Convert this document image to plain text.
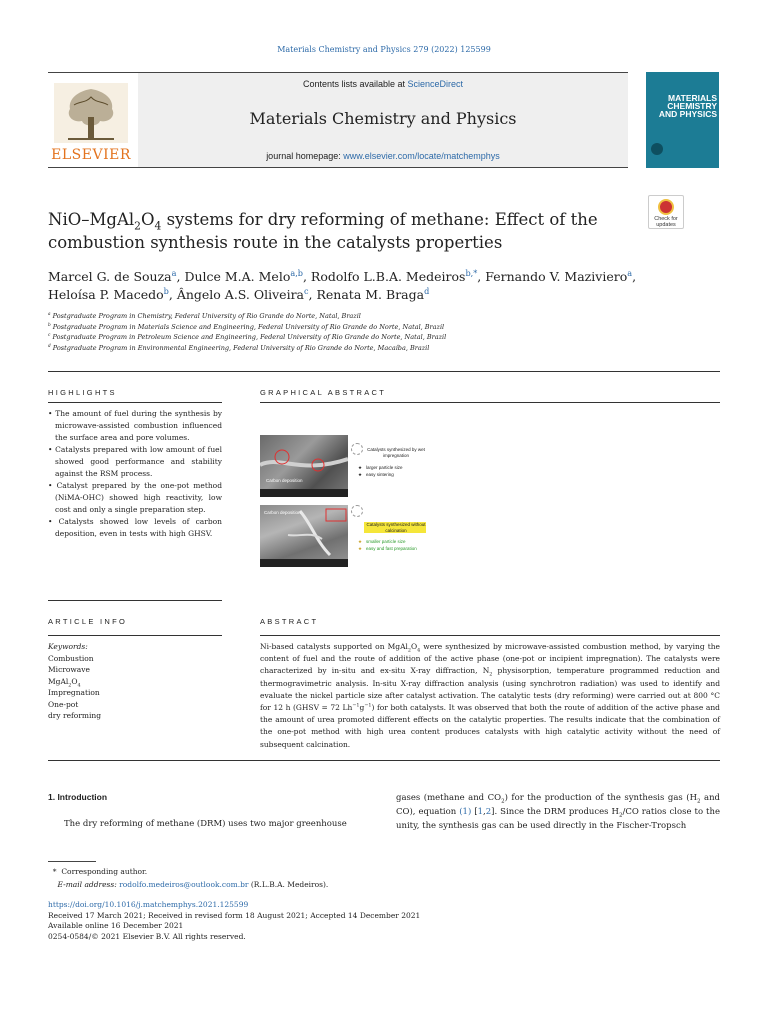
Materials Chemistry and Physics 279 (2022) 125599
ELSEVIER
Contents lists available at ScienceDirect
Materials Chemistry and Physics
journal homepage: www.elsevier.com/locate/matchemphys
MATERIALS CHEMISTRY AND PHYSICS
Check for updates
NiO–$MgAl_2O_4$ systems for dry reforming of methane: Effect of the combustion synthesis route in the catalysts properties
Marcel G. de Souza$^a$, Dulce M.A. Melo$^{a,b}$, Rodolfo L.B.A. Medeiros$^{b,*}$, Fernando V. Maziviero$^a$,
Heloísa P. Macedo$^b$, Ângelo A.S. Oliveira$^c$, Renata M. Braga$^d$
$^a$ Postgraduate Program in Chemistry, Federal University of Rio Grande do Norte, Natal, Brazil
$^b$ Postgraduate Program in Materials Science and Engineering, Federal University of Rio Grande do Norte, Natal, Brazil
$^c$ Postgraduate Program in Petroleum Science and Engineering, Federal University of Rio Grande do Norte, Natal, Brazil
$^d$ Postgraduate Program in Environmental Engineering, Federal University of Rio Grande do Norte, Macaíba, Brazil
HIGHLIGHTS	GRAPHICAL ABSTRACT
ARTICLE INFO	ABSTRACT
• The amount of fuel during the synthesis by microwave-assisted combustion influenced the surface area and pore volumes.
• Catalysts prepared with low amount of fuel showed good performance and stability against the RSM process.
• Catalyst prepared by the one-pot method (NiMA-OHC) showed high reactivity, low cost and only a single preparation step.
• Catalysts showed low levels of carbon deposition, even in tests with high GHSV.
Carbon deposition
Carbon deposition
Catalysts synthesized by wet impregnation
★ larger particle size
★ easy sintering
Catalysts synthesized without calcination
★ smaller particle size
★ easy and fast preparation
Keywords:
Combustion
Microwave
$MgAl_2O_4$
Impregnation
One-pot
dry reforming
Ni-based catalysts supported on $MgAl_2O_4$ were synthesized by microwave-assisted combustion method, by varying the content of fuel and the route of addition of the active phase (one-pot or incipient impregnation). The catalysts were characterized by in-situ and ex-situ X-ray diffraction, $N_2$ physisorption, temperature programmed reduction and thermogravimetric analysis. In-situ X-ray diffraction analysis (using synchrotron radiation) was used to identify and evaluate the nickel particle size after catalyst activation. The catalytic tests (dry reforming) were carried out at 800 °C for 12 h (GHSV = 72 $Lh^{-1}g^{-1}$) for both catalysts. It was observed that both the route of addition of the active phase and the amount of urea promoted different effects on the catalytic properties. The results indicate that the combination of the one-pot method with high urea content produces catalysts with high catalytic activity without the need of subsequent calcination.
1. Introduction
The dry reforming of methane (DRM) uses two major greenhouse
gases (methane and $CO_2$) for the production of the synthesis gas ($H_2$ and CO), equation (1) [1,2]. Since the DRM produces $H_2/CO$ ratios close to the unity, the synthesis gas can be used directly in the Fischer-Tropsch
* Corresponding author.
E-mail address: rodolfo.medeiros@outlook.com.br (R.L.B.A. Medeiros).
https://doi.org/10.1016/j.matchemphys.2021.125599
Received 17 March 2021; Received in revised form 18 August 2021; Accepted 14 December 2021
Available online 16 December 2021
0254-0584/© 2021 Elsevier B.V. All rights reserved.
